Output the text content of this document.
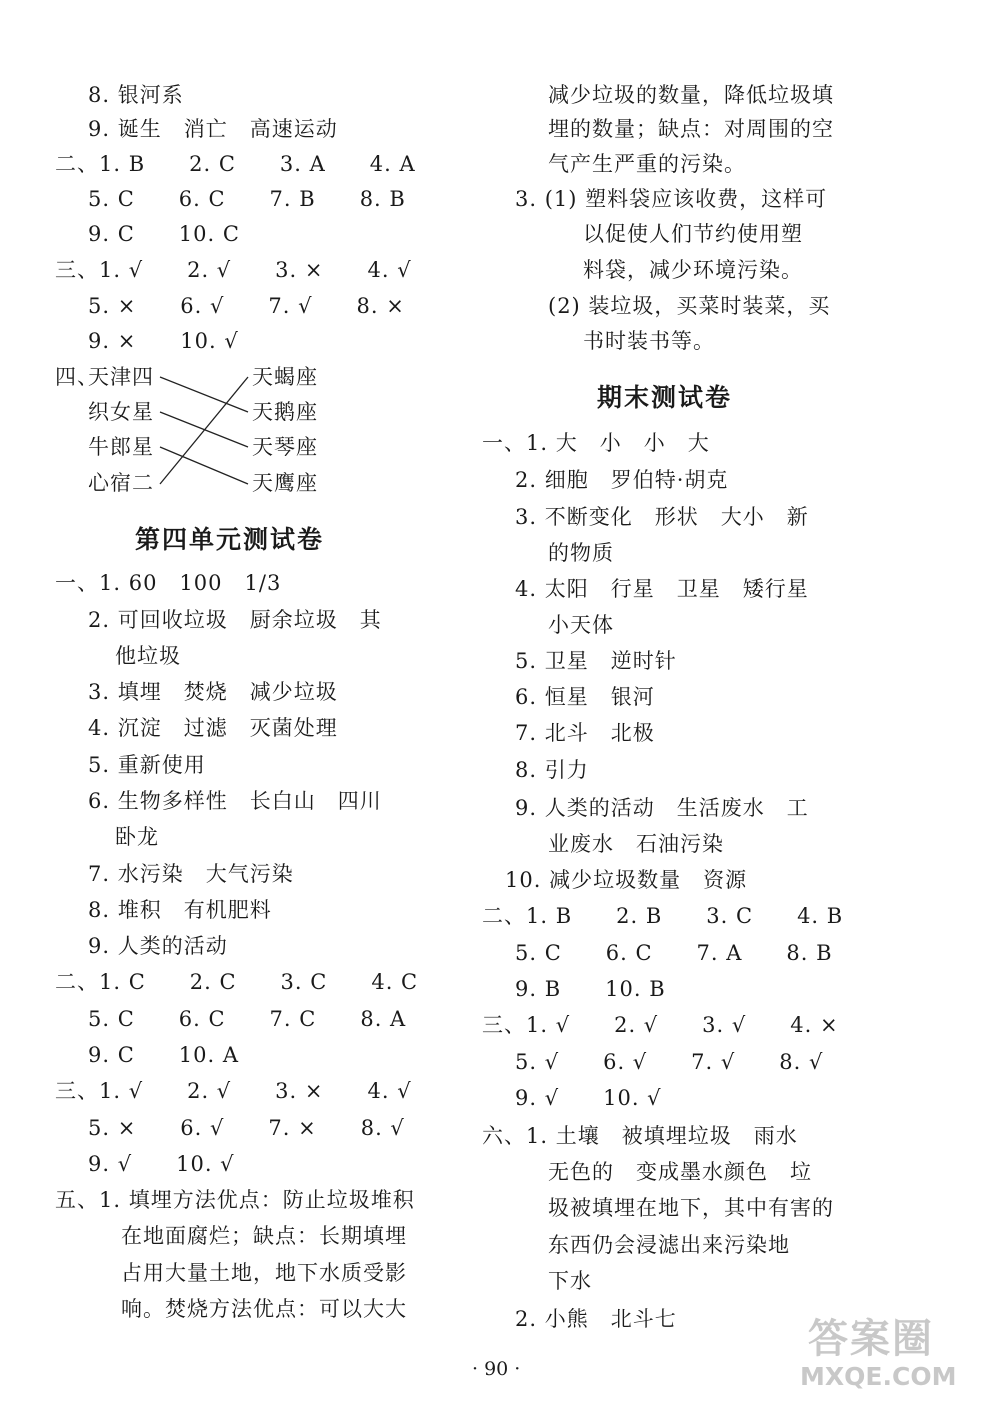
8. 银河系
9. 诞生　消亡　高速运动
二、1. B　　2. C　　3. A　　4. A
5. C　　6. C　　7. B　　8. B
9. C　　10. C
三、1. √　　2. √　　3. ×　　4. √
5. ×　　6. √　　7. √　　8. ×
9. ×　　10. √
四、
天津四
织女星
牛郎星
心宿二
天蝎座
天鹅座
天琴座
天鹰座
第四单元测试卷
一、1. 60　100　1/3
2. 可回收垃圾　厨余垃圾　其
他垃圾
3. 填埋　焚烧　减少垃圾
4. 沉淀　过滤　灭菌处理
5. 重新使用
6. 生物多样性　长白山　四川
卧龙
7. 水污染　大气污染
8. 堆积　有机肥料
9. 人类的活动
二、1. C　　2. C　　3. C　　4. C
5. C　　6. C　　7. C　　8. A
9. C　　10. A
三、1. √　　2. √　　3. ×　　4. √
5. ×　　6. √　　7. ×　　8. √
9. √　　10. √
五、1. 填埋方法优点：防止垃圾堆积
在地面腐烂；缺点：长期填埋
占用大量土地，地下水质受影
响。焚烧方法优点：可以大大
减少垃圾的数量，降低垃圾填
埋的数量；缺点：对周围的空
气产生严重的污染。
3. (1) 塑料袋应该收费，这样可
以促使人们节约使用塑
料袋，减少环境污染。
(2) 装垃圾，买菜时装菜，买
书时装书等。
期末测试卷
一、1. 大　小　小　大
2. 细胞　罗伯特·胡克
3. 不断变化　形状　大小　新
的物质
4. 太阳　行星　卫星　矮行星
小天体
5. 卫星　逆时针
6. 恒星　银河
7. 北斗　北极
8. 引力
9. 人类的活动　生活废水　工
业废水　石油污染
10. 减少垃圾数量　资源
二、1. B　　2. B　　3. C　　4. B
5. C　　6. C　　7. A　　8. B
9. B　　10. B
三、1. √　　2. √　　3. √　　4. ×
5. √　　6. √　　7. √　　8. √
9. √　　10. √
六、1. 土壤　被填埋垃圾　雨水
无色的　变成墨水颜色　垃
圾被填埋在地下，其中有害的
东西仍会浸滤出来污染地
下水
2. 小熊　北斗七
· 90 ·
答案圈
MXQE.COM
